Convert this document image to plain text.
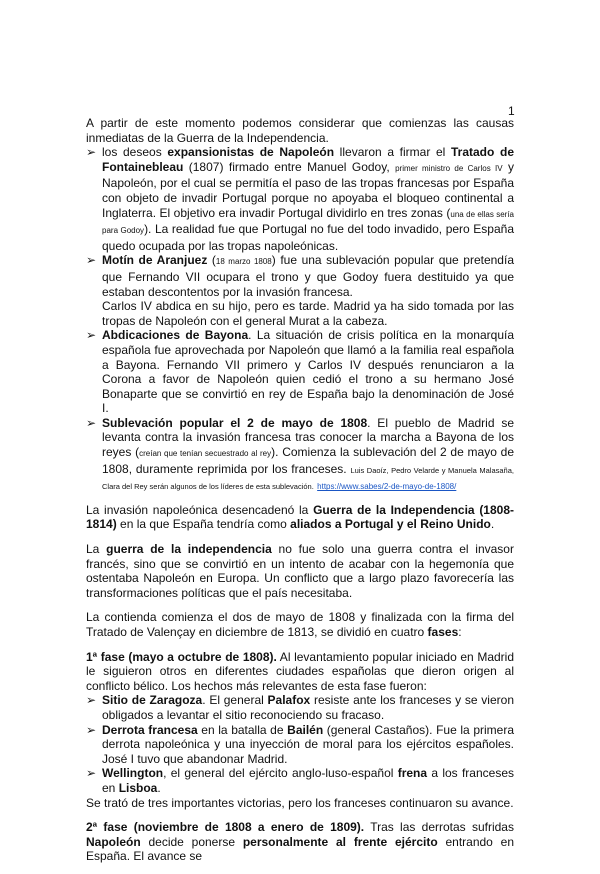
1

A partir de este momento podemos considerar que comienzas las causas inmediatas de la Guerra de la Independencia.

➢ los deseos expansionistas de Napoleón llevaron a firmar el Tratado de Fontainebleau (1807) firmado entre Manuel Godoy, primer ministro de Carlos IV y Napoleón, por el cual se permitía el paso de las tropas francesas por España con objeto de invadir Portugal porque no apoyaba el bloqueo continental a Inglaterra. El objetivo era invadir Portugal dividirlo en tres zonas (una de ellas sería para Godoy). La realidad fue que Portugal no fue del todo invadido, pero España quedo ocupada por las tropas napoleónicas.
➢ Motín de Aranjuez (18 marzo 1808) fue una sublevación popular que pretendía que Fernando VII ocupara el trono y que Godoy fuera destituido ya que estaban descontentos por la invasión francesa.
Carlos IV abdica en su hijo, pero es tarde. Madrid ya ha sido tomada por las tropas de Napoleón con el general Murat a la cabeza.
➢ Abdicaciones de Bayona. La situación de crisis política en la monarquía española fue aprovechada por Napoleón que llamó a la familia real española a Bayona. Fernando VII primero y Carlos IV después renunciaron a la Corona a favor de Napoleón quien cedió el trono a su hermano José Bonaparte que se convirtió en rey de España bajo la denominación de José I.
➢ Sublevación popular el 2 de mayo de 1808. El pueblo de Madrid se levanta contra la invasión francesa tras conocer la marcha a Bayona de los reyes (creían que tenían secuestrado al rey). Comienza la sublevación del 2 de mayo de 1808, duramente reprimida por los franceses. Luis Daoíz, Pedro Velarde y Manuela Malasaña, Clara del Rey serán algunos de los líderes de esta sublevación. https://www.sabes/2-de-mayo-de-1808/

La invasión napoleónica desencadenó la Guerra de la Independencia (1808-1814) en la que España tendría como aliados a Portugal y el Reino Unido.

La guerra de la independencia no fue solo una guerra contra el invasor francés, sino que se convirtió en un intento de acabar con la hegemonía que ostentaba Napoleón en Europa. Un conflicto que a largo plazo favorecería las transformaciones políticas que el país necesitaba.

La contienda comienza el dos de mayo de 1808 y finalizada con la firma del Tratado de Valençay en diciembre de 1813, se dividió en cuatro fases:

1ª fase (mayo a octubre de 1808). Al levantamiento popular iniciado en Madrid le siguieron otros en diferentes ciudades españolas que dieron origen al conflicto bélico. Los hechos más relevantes de esta fase fueron:

➢ Sitio de Zaragoza. El general Palafox resiste ante los franceses y se vieron obligados a levantar el sitio reconociendo su fracaso.
➢ Derrota francesa en la batalla de Bailén (general Castaños). Fue la primera derrota napoleónica y una inyección de moral para los ejércitos españoles. José I tuvo que abandonar Madrid.
➢ Wellington, el general del ejército anglo-luso-español frena a los franceses en Lisboa.

Se trató de tres importantes victorias, pero los franceses continuaron su avance.

2ª fase (noviembre de 1808 a enero de 1809). Tras las derrotas sufridas Napoleón decide ponerse personalmente al frente ejército entrando en España. El avance se
